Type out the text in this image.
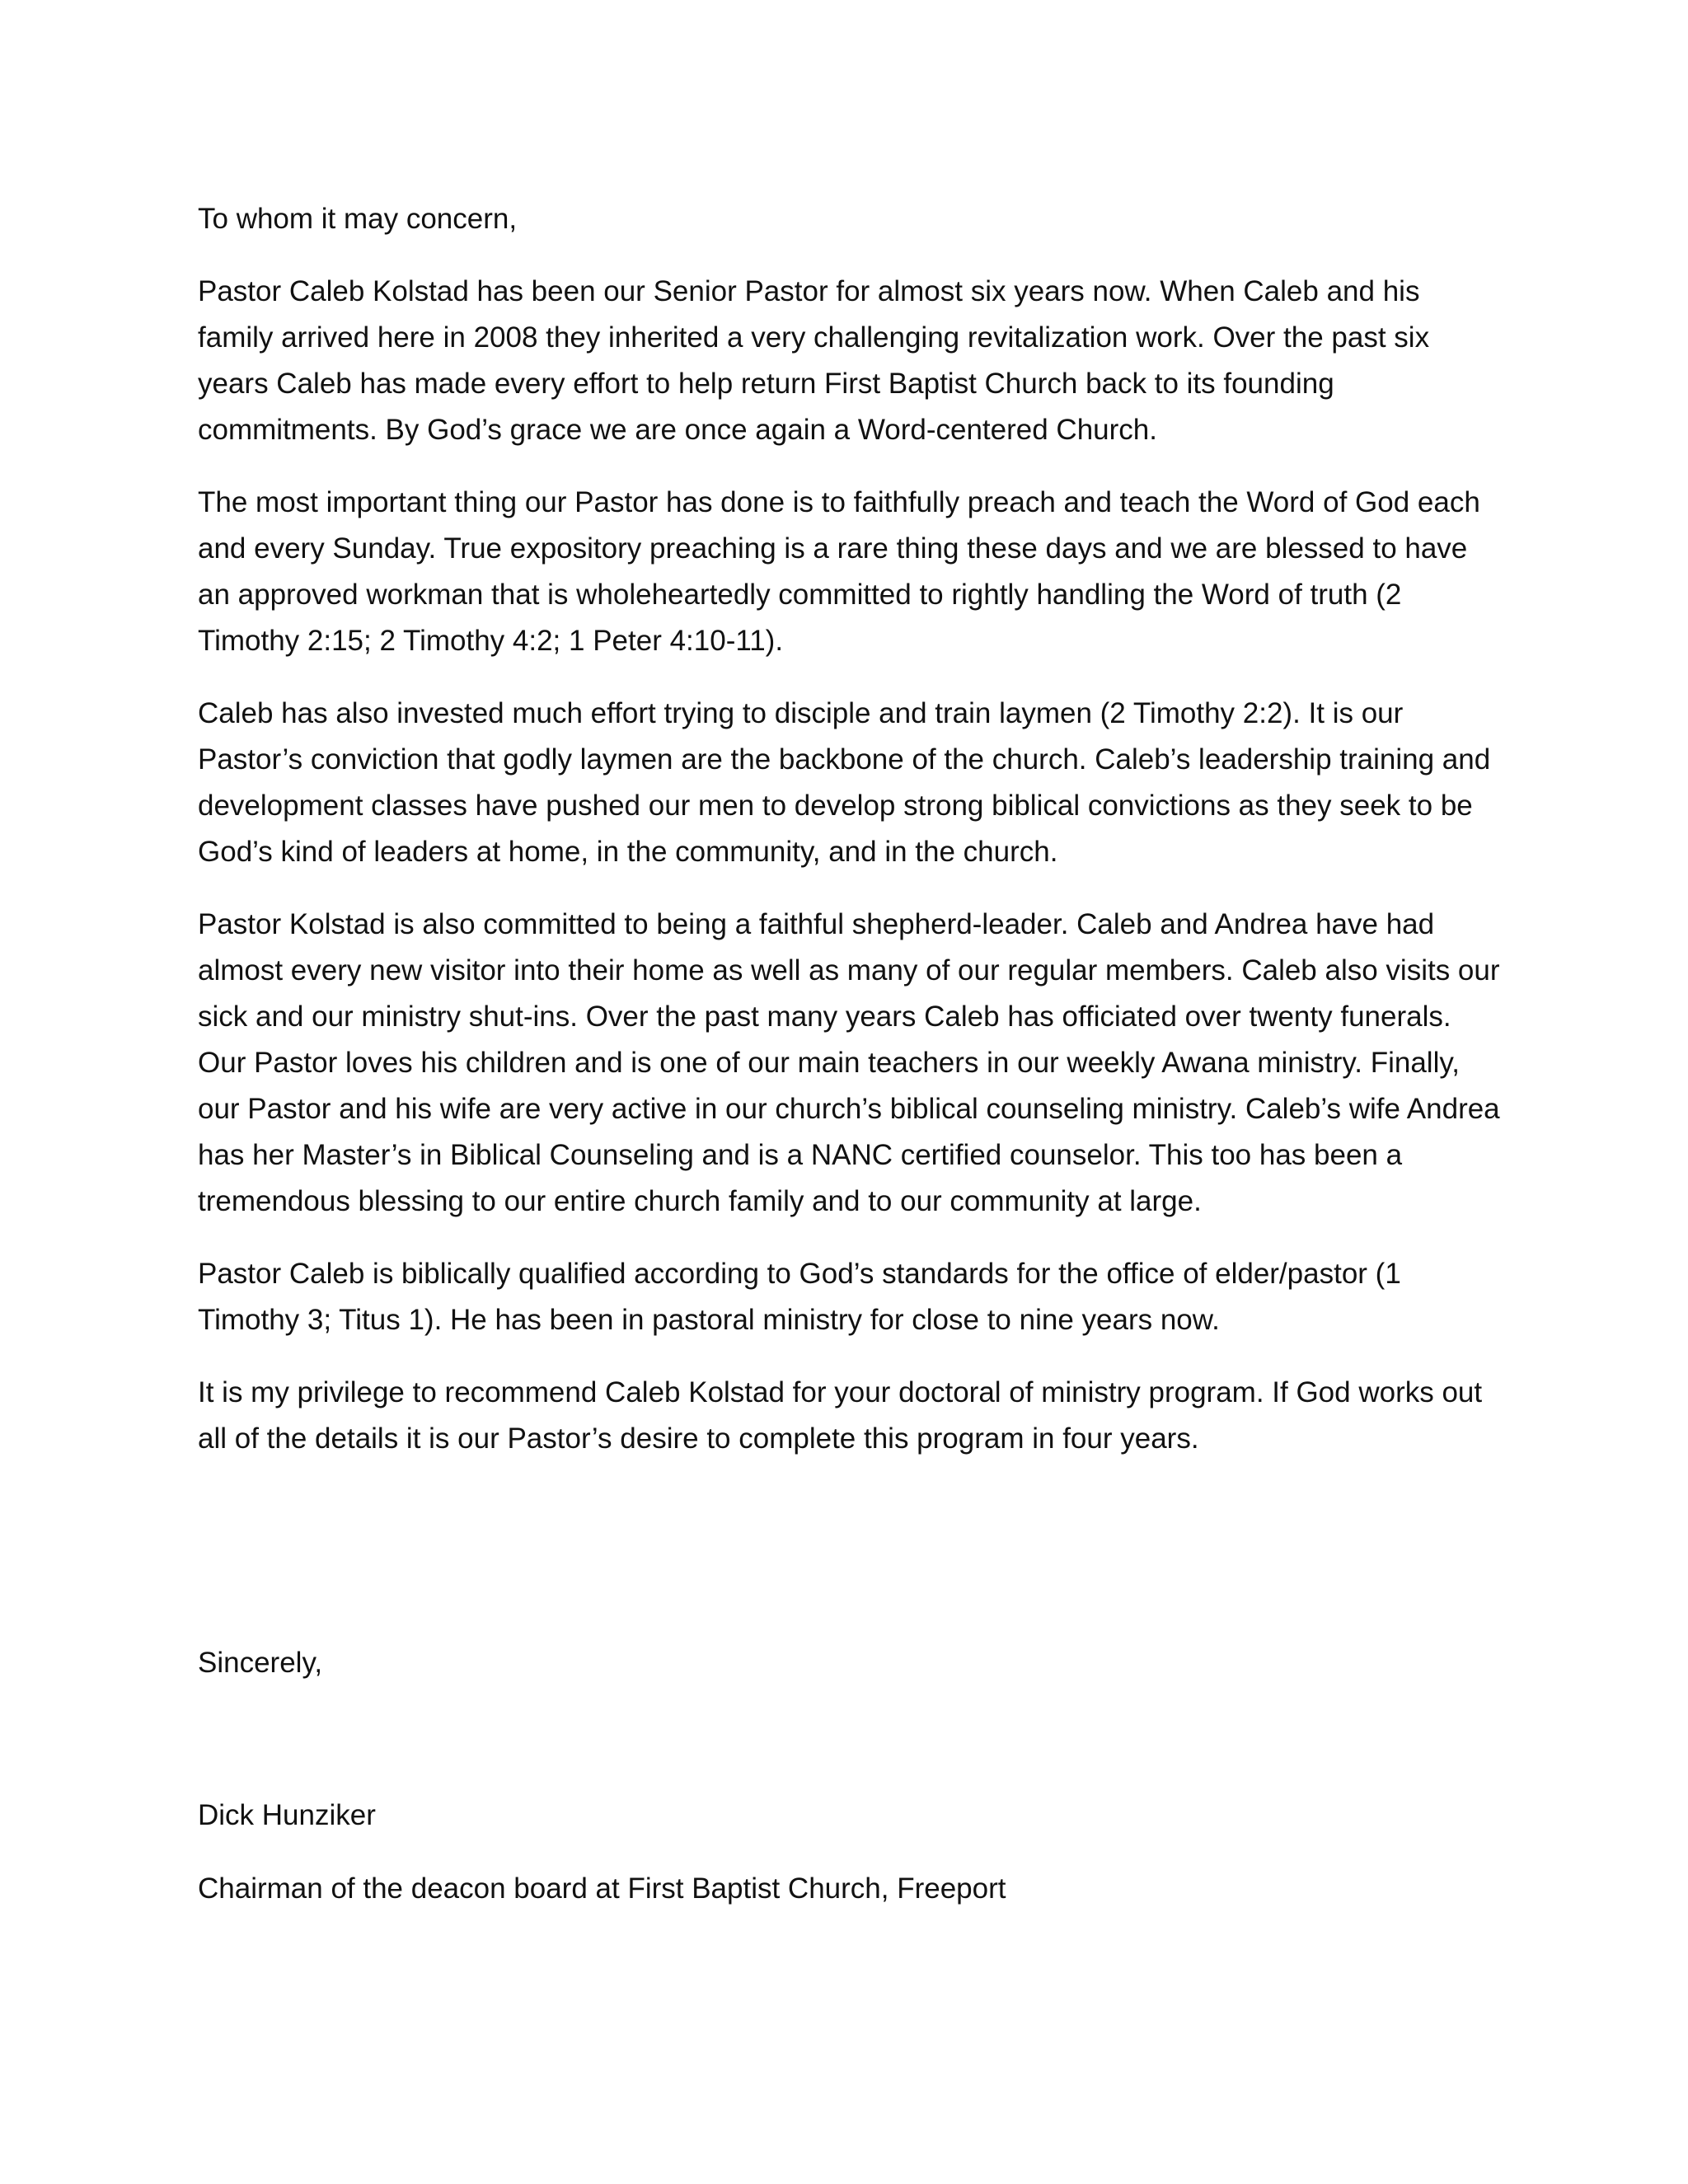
To whom it may concern,

Pastor Caleb Kolstad has been our Senior Pastor for almost six years now. When Caleb and his family arrived here in 2008 they inherited a very challenging revitalization work. Over the past six years Caleb has made every effort to help return First Baptist Church back to its founding commitments. By God’s grace we are once again a Word-centered Church.

The most important thing our Pastor has done is to faithfully preach and teach the Word of God each and every Sunday. True expository preaching is a rare thing these days and we are blessed to have an approved workman that is wholeheartedly committed to rightly handling the Word of truth (2 Timothy 2:15; 2 Timothy 4:2; 1 Peter 4:10-11).

Caleb has also invested much effort trying to disciple and train laymen (2 Timothy 2:2). It is our Pastor’s conviction that godly laymen are the backbone of the church. Caleb’s leadership training and development classes have pushed our men to develop strong biblical convictions as they seek to be God’s kind of leaders at home, in the community, and in the church.

Pastor Kolstad is also committed to being a faithful shepherd-leader. Caleb and Andrea have had almost every new visitor into their home as well as many of our regular members. Caleb also visits our sick and our ministry shut-ins. Over the past many years Caleb has officiated over twenty funerals. Our Pastor loves his children and is one of our main teachers in our weekly Awana ministry. Finally, our Pastor and his wife are very active in our church’s biblical counseling ministry. Caleb’s wife Andrea has her Master’s in Biblical Counseling and is a NANC certified counselor. This too has been a tremendous blessing to our entire church family and to our community at large.

Pastor Caleb is biblically qualified according to God’s standards for the office of elder/pastor (1 Timothy 3; Titus 1). He has been in pastoral ministry for close to nine years now.

It is my privilege to recommend Caleb Kolstad for your doctoral of ministry program. If God works out all of the details it is our Pastor’s desire to complete this program in four years.

Sincerely,

Dick Hunziker

Chairman of the deacon board at First Baptist Church, Freeport
